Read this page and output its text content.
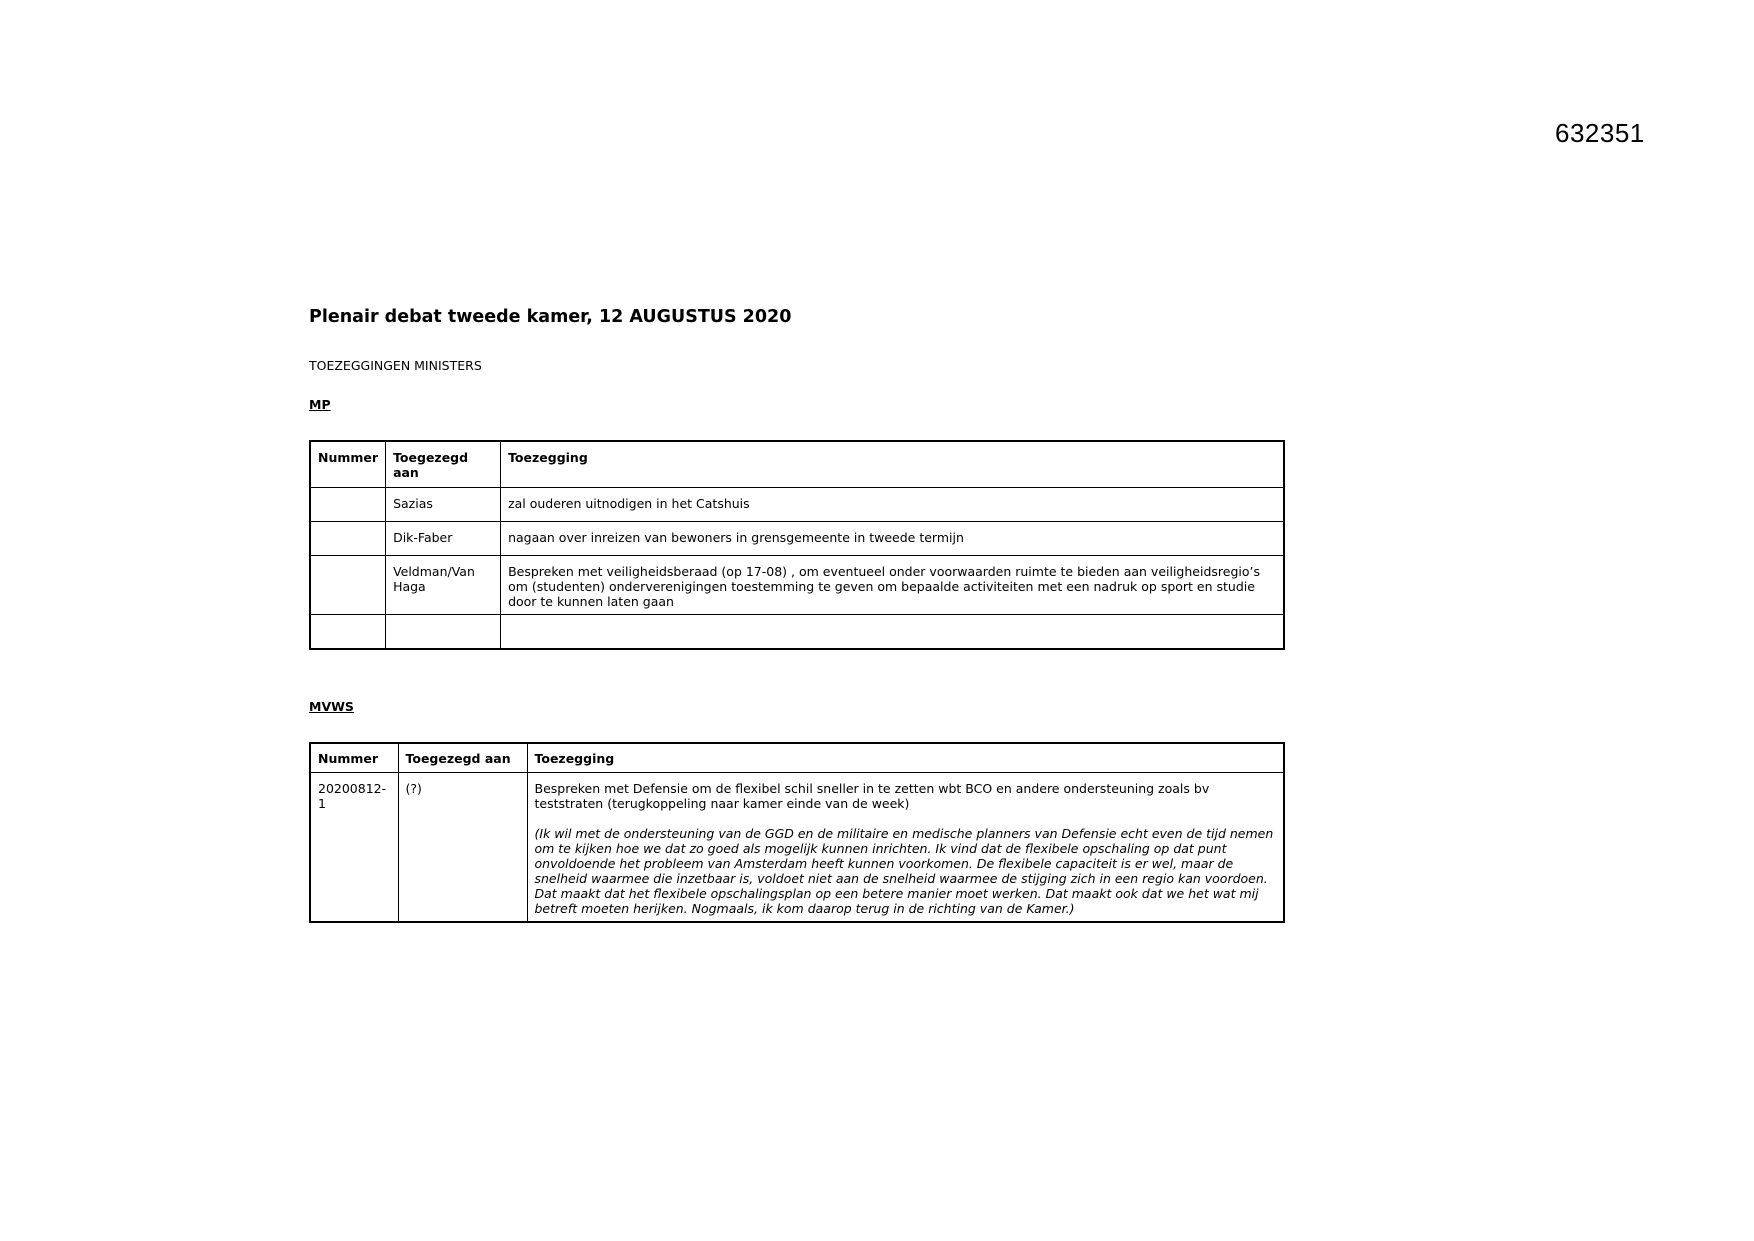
632351
Plenair debat tweede kamer, 12 AUGUSTUS 2020
TOEZEGGINGEN MINISTERS
MP
Nummer	Toegezegd aan	Toezegging
	Sazias	zal ouderen uitnodigen in het Catshuis
	Dik-Faber	nagaan over inreizen van bewoners in grensgemeente in tweede termijn
	Veldman/Van Haga	Bespreken met veiligheidsberaad (op 17-08) , om eventueel onder voorwaarden ruimte te bieden aan veiligheidsregio’s om (studenten) onderverenigingen toestemming te geven om bepaalde activiteiten met een nadruk op sport en studie door te kunnen laten gaan

MVWS
Nummer	Toegezegd aan	Toezegging
20200812-1	(?)	Bespreken met Defensie om de flexibel schil sneller in te zetten wbt BCO en andere ondersteuning zoals bv teststraten (terugkoppeling naar kamer einde van de week)
(Ik wil met de ondersteuning van de GGD en de militaire en medische planners van Defensie echt even de tijd nemen om te kijken hoe we dat zo goed als mogelijk kunnen inrichten. Ik vind dat de flexibele opschaling op dat punt onvoldoende het probleem van Amsterdam heeft kunnen voorkomen. De flexibele capaciteit is er wel, maar de snelheid waarmee die inzetbaar is, voldoet niet aan de snelheid waarmee de stijging zich in een regio kan voordoen. Dat maakt dat het flexibele opschalingsplan op een betere manier moet werken. Dat maakt ook dat we het wat mij betreft moeten herijken. Nogmaals, ik kom daarop terug in de richting van de Kamer.)
